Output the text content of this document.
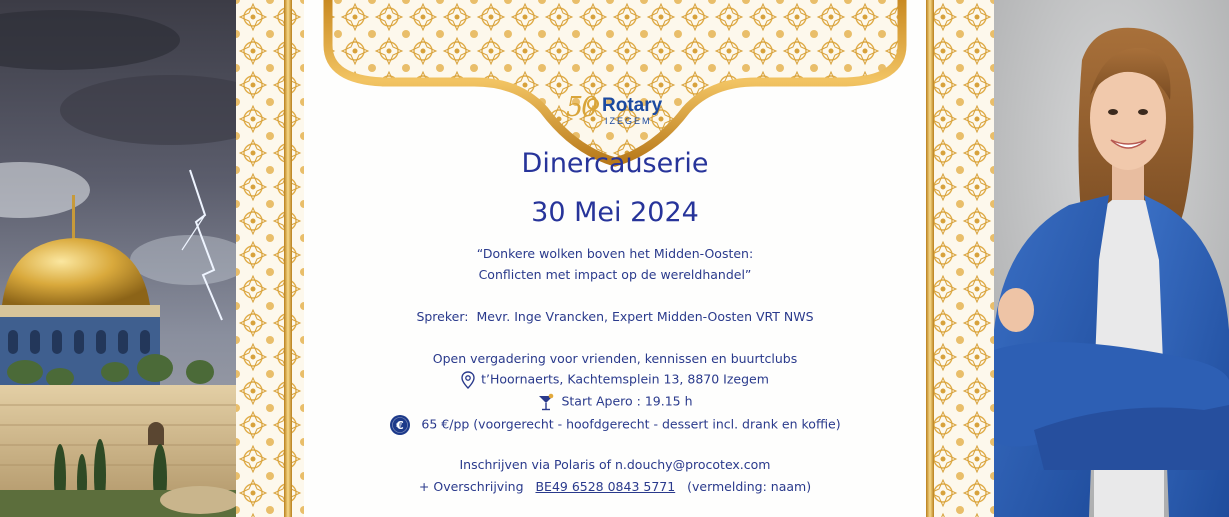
50 Rotary
IZEGEM
Dinercauserie
30 Mei 2024
“Donkere wolken boven het Midden-Oosten:
Conflicten met impact op de wereldhandel”
Spreker: Mevr. Inge Vrancken, Expert Midden-Oosten VRT NWS
Open vergadering voor vrienden, kennissen en buurtclubs
t’Hoornaerts, Kachtemsplein 13, 8870 Izegem
Start Apero : 19.15 h
€ 65 €/pp (voorgerecht - hoofdgerecht - dessert incl. drank en koffie)
Inschrijven via Polaris of n.douchy@procotex.com
+ Overschrijving BE49 6528 0843 5771 (vermelding: naam)
